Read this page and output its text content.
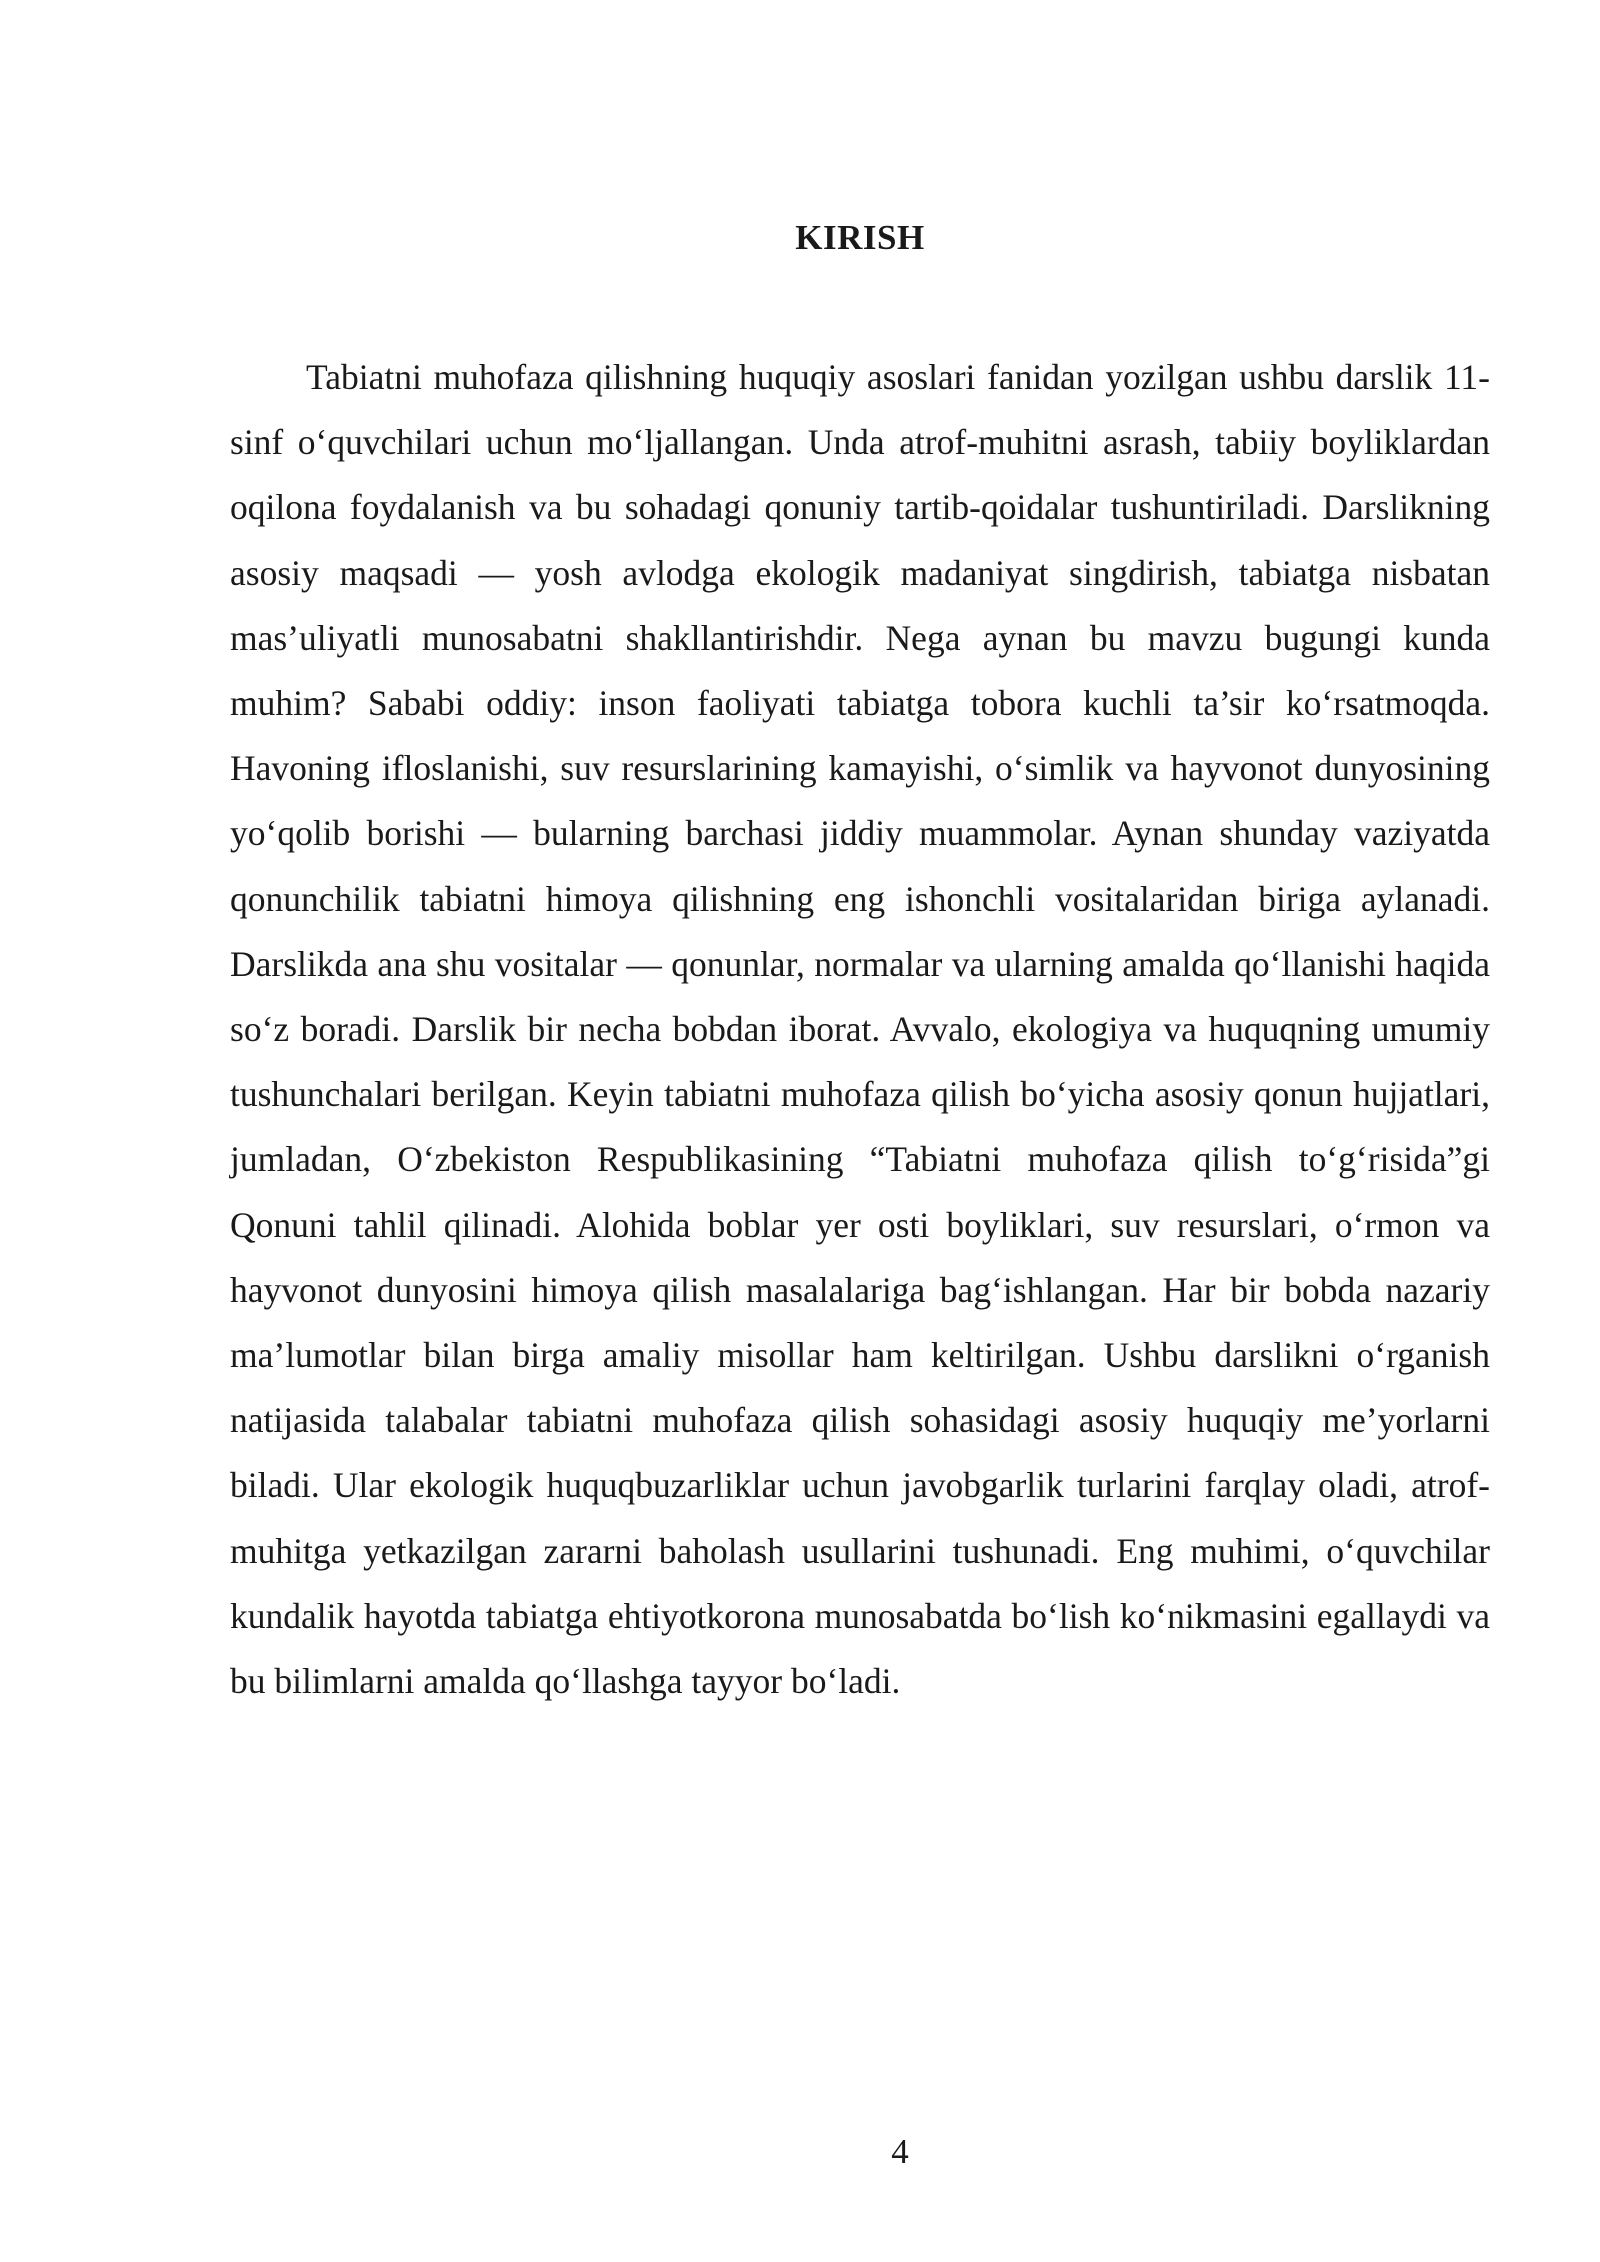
KIRISH

Tabiatni muhofaza qilishning huquqiy asoslari fanidan yozilgan ushbu darslik 11-sinf o‘quvchilari uchun mo‘ljallangan. Unda atrof-muhitni asrash, tabiiy boyliklardan oqilona foydalanish va bu sohadagi qonuniy tartib-qoidalar tushuntiriladi. Darslikning asosiy maqsadi — yosh avlodga ekologik madaniyat singdirish, tabiatga nisbatan mas’uliyatli munosabatni shakllantirishdir. Nega aynan bu mavzu bugungi kunda muhim? Sababi oddiy: inson faoliyati tabiatga tobora kuchli ta’sir ko‘rsatmoqda. Havoning ifloslanishi, suv resurslarining kamayishi, o‘simlik va hayvonot dunyosining yo‘qolib borishi — bularning barchasi jiddiy muammolar. Aynan shunday vaziyatda qonunchilik tabiatni himoya qilishning eng ishonchli vositalaridan biriga aylanadi. Darslikda ana shu vositalar — qonunlar, normalar va ularning amalda qo‘llanishi haqida so‘z boradi. Darslik bir necha bobdan iborat. Avvalo, ekologiya va huquqning umumiy tushunchalari berilgan. Keyin tabiatni muhofaza qilish bo‘yicha asosiy qonun hujjatlari, jumladan, O‘zbekiston Respublikasining “Tabiatni muhofaza qilish to‘g‘risida”gi Qonuni tahlil qilinadi. Alohida boblar yer osti boyliklari, suv resurslari, o‘rmon va hayvonot dunyosini himoya qilish masalalariga bag‘ishlangan. Har bir bobda nazariy ma’lumotlar bilan birga amaliy misollar ham keltirilgan. Ushbu darslikni o‘rganish natijasida talabalar tabiatni muhofaza qilish sohasidagi asosiy huquqiy me’yorlarni biladi. Ular ekologik huquqbuzarliklar uchun javobgarlik turlarini farqlay oladi, atrof-muhitga yetkazilgan zararni baholash usullarini tushunadi. Eng muhimi, o‘quvchilar kundalik hayotda tabiatga ehtiyotkorona munosabatda bo‘lish ko‘nikmasini egallaydi va bu bilimlarni amalda qo‘llashga tayyor bo‘ladi.

4
